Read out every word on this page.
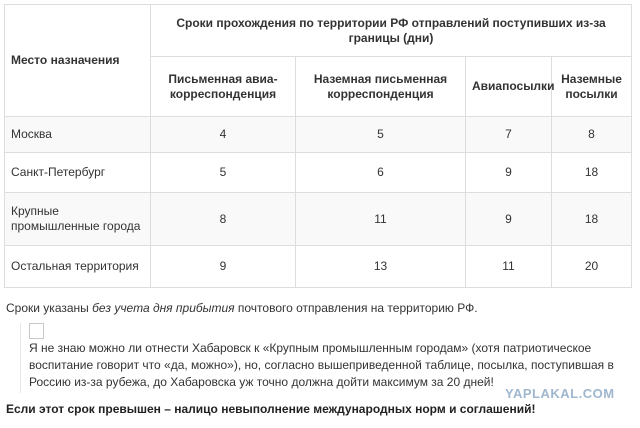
Место назначения	Сроки прохождения по территории РФ отправлений поступивших из-за границы (дни)			
	Письменная авиа-корреспонденция	Наземная письменная корреспонденция	Авиапосылки	Наземные посылки
Москва	4	5	7	8
Санкт-Петербург	5	6	9	18
Крупные промышленные города	8	11	9	18
Остальная территория	9	13	11	20

Сроки указаны без учета дня прибытия почтового отправления на территорию РФ.

Я не знаю можно ли отнести Хабаровск к «Крупным промышленным городам» (хотя патриотическое воспитание говорит что «да, можно»), но, согласно вышеприведенной таблице, посылка, поступившая в Россию из-за рубежа, до Хабаровска уж точно должна дойти максимум за 20 дней!

Если этот срок превышен – налицо невыполнение международных норм и соглашений!

YAPLAKAL.COM
